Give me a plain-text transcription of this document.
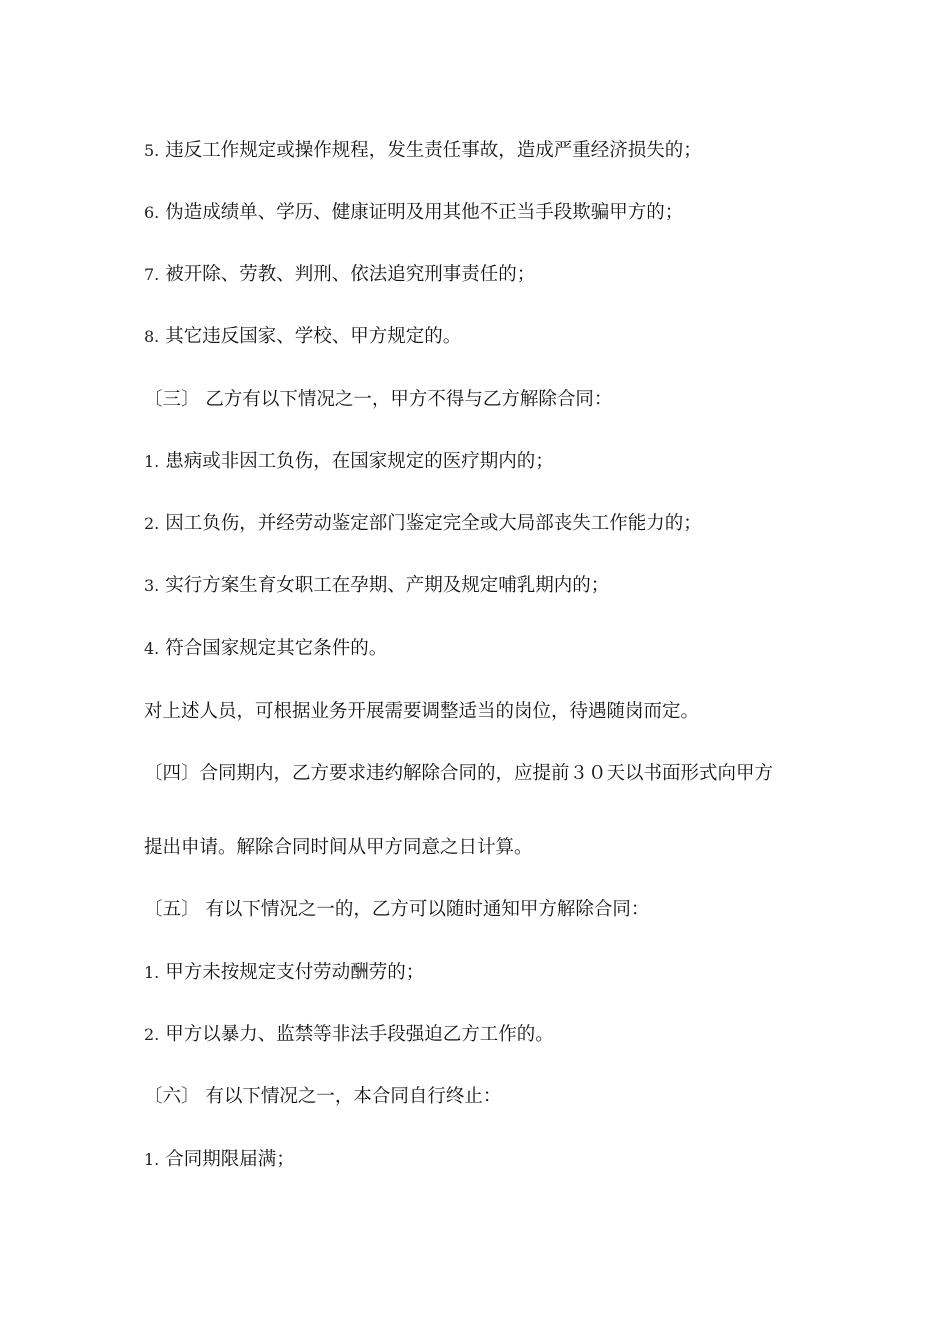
5. 违反工作规定或操作规程，发生责任事故，造成严重经济损失的；
6. 伪造成绩单、学历、健康证明及用其他不正当手段欺骗甲方的；
7. 被开除、劳教、判刑、依法追究刑事责任的；
8. 其它违反国家、学校、甲方规定的。
〔三〕 乙方有以下情况之一，甲方不得与乙方解除合同：
1. 患病或非因工负伤，在国家规定的医疗期内的；
2. 因工负伤，并经劳动鉴定部门鉴定完全或大局部丧失工作能力的；
3. 实行方案生育女职工在孕期、产期及规定哺乳期内的；
4. 符合国家规定其它条件的。
对上述人员，可根据业务开展需要调整适当的岗位，待遇随岗而定。
〔四〕合同期内，乙方要求违约解除合同的，应提前３０天以书面形式向甲方
提出申请。解除合同时间从甲方同意之日计算。
〔五〕 有以下情况之一的，乙方可以随时通知甲方解除合同：
1. 甲方未按规定支付劳动酬劳的；
2. 甲方以暴力、监禁等非法手段强迫乙方工作的。
〔六〕 有以下情况之一，本合同自行终止：
1. 合同期限届满；
